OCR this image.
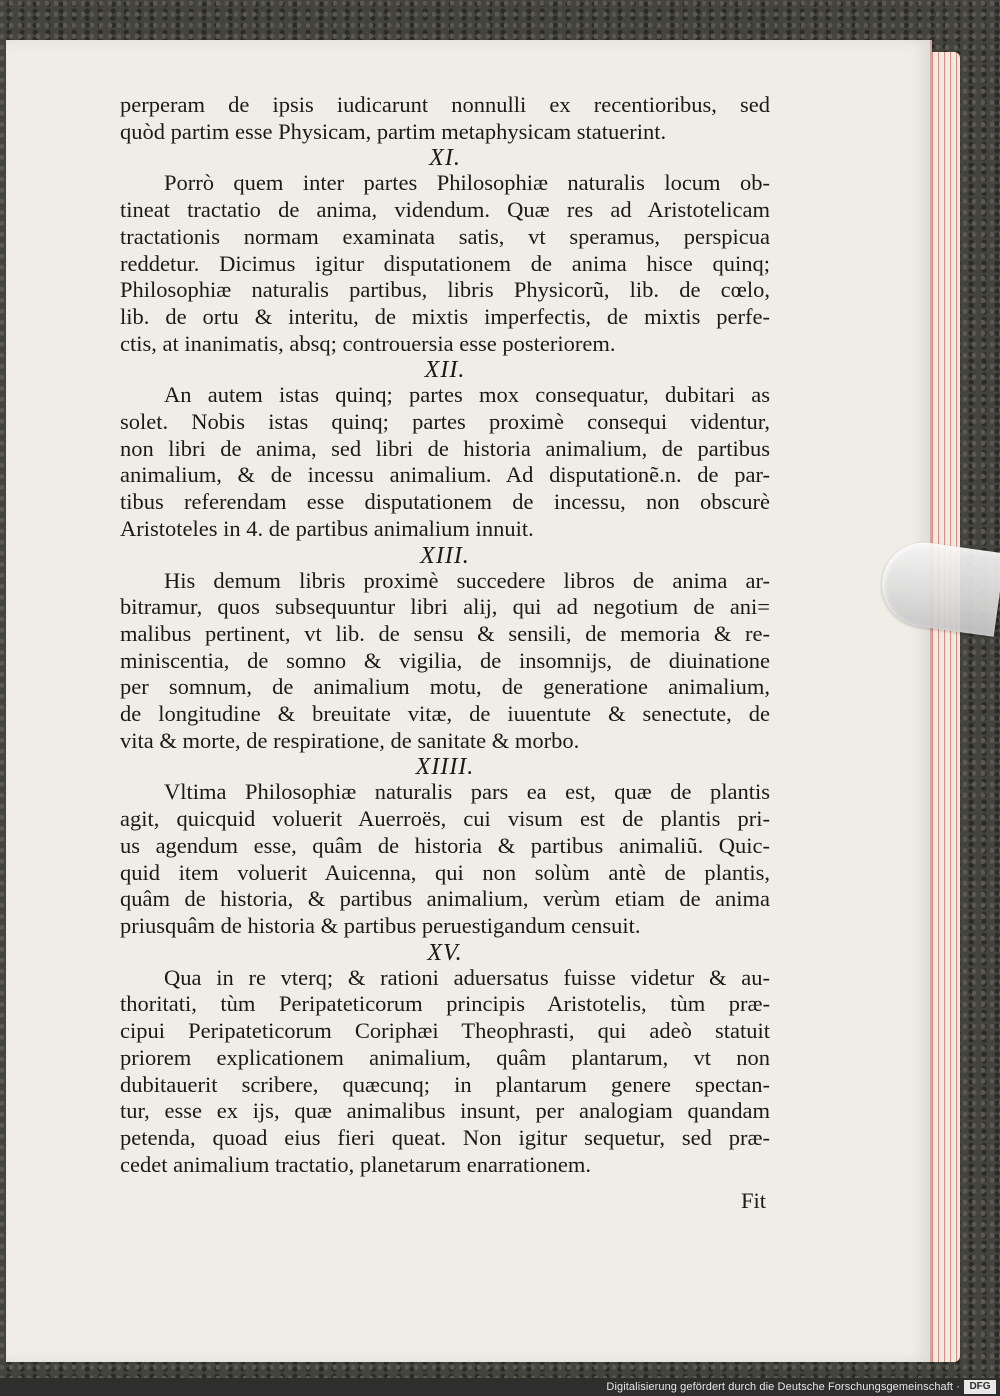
perperam de ipsis iudicarunt nonnulli ex recentioribus, sed
quòd partim esse Physicam, partim metaphysicam statuerint.
XI.
Porrò quem inter partes Philosophiæ naturalis locum ob-
tineat tractatio de anima, videndum. Quæ res ad Aristotelicam
tractationis normam examinata satis, vt speramus, perspicua
reddetur. Dicimus igitur disputationem de anima hisce quinq;
Philosophiæ naturalis partibus, libris Physicorũ, lib. de cœlo,
lib. de ortu & interitu, de mixtis imperfectis, de mixtis perfe-
ctis, at inanimatis, absq; controuersia esse posteriorem.
XII.
An autem istas quinq; partes mox consequatur, dubitari as
solet. Nobis istas quinq; partes proximè consequi videntur,
non libri de anima, sed libri de historia animalium, de partibus
animalium, & de incessu animalium. Ad disputationẽ.n. de par-
tibus referendam esse disputationem de incessu, non obscurè
Aristoteles in 4. de partibus animalium innuit.
XIII.
His demum libris proximè succedere libros de anima ar-
bitramur, quos subsequuntur libri alĳ, qui ad negotium de ani=
malibus pertinent, vt lib. de sensu & sensili, de memoria & re-
miniscentia, de somno & vigilia, de insomnĳs, de diuinatione
per somnum, de animalium motu, de generatione animalium,
de longitudine & breuitate vitæ, de iuuentute & senectute, de
vita & morte, de respiratione, de sanitate & morbo.
XIIII.
Vltima Philosophiæ naturalis pars ea est, quæ de plantis
agit, quicquid voluerit Auerroës, cui visum est de plantis pri-
us agendum esse, quâm de historia & partibus animaliũ. Quic-
quid item voluerit Auicenna, qui non solùm antè de plantis,
quâm de historia, & partibus animalium, verùm etiam de anima
priusquâm de historia & partibus peruestigandum censuit.
XV.
Qua in re vterq; & rationi aduersatus fuisse videtur & au-
thoritati, tùm Peripateticorum principis Aristotelis, tùm præ-
cipui Peripateticorum Coriphæi Theophrasti, qui adeò statuit
priorem explicationem animalium, quâm plantarum, vt non
dubitauerit scribere, quæcunq; in plantarum genere spectan-
tur, esse ex ĳs, quæ animalibus insunt, per analogiam quandam
petenda, quoad eius fieri queat. Non igitur sequetur, sed præ-
cedet animalium tractatio, planetarum enarrationem.
Fit
Digitalisierung gefördert durch die Deutsche Forschungsgemeinschaft · DFG
